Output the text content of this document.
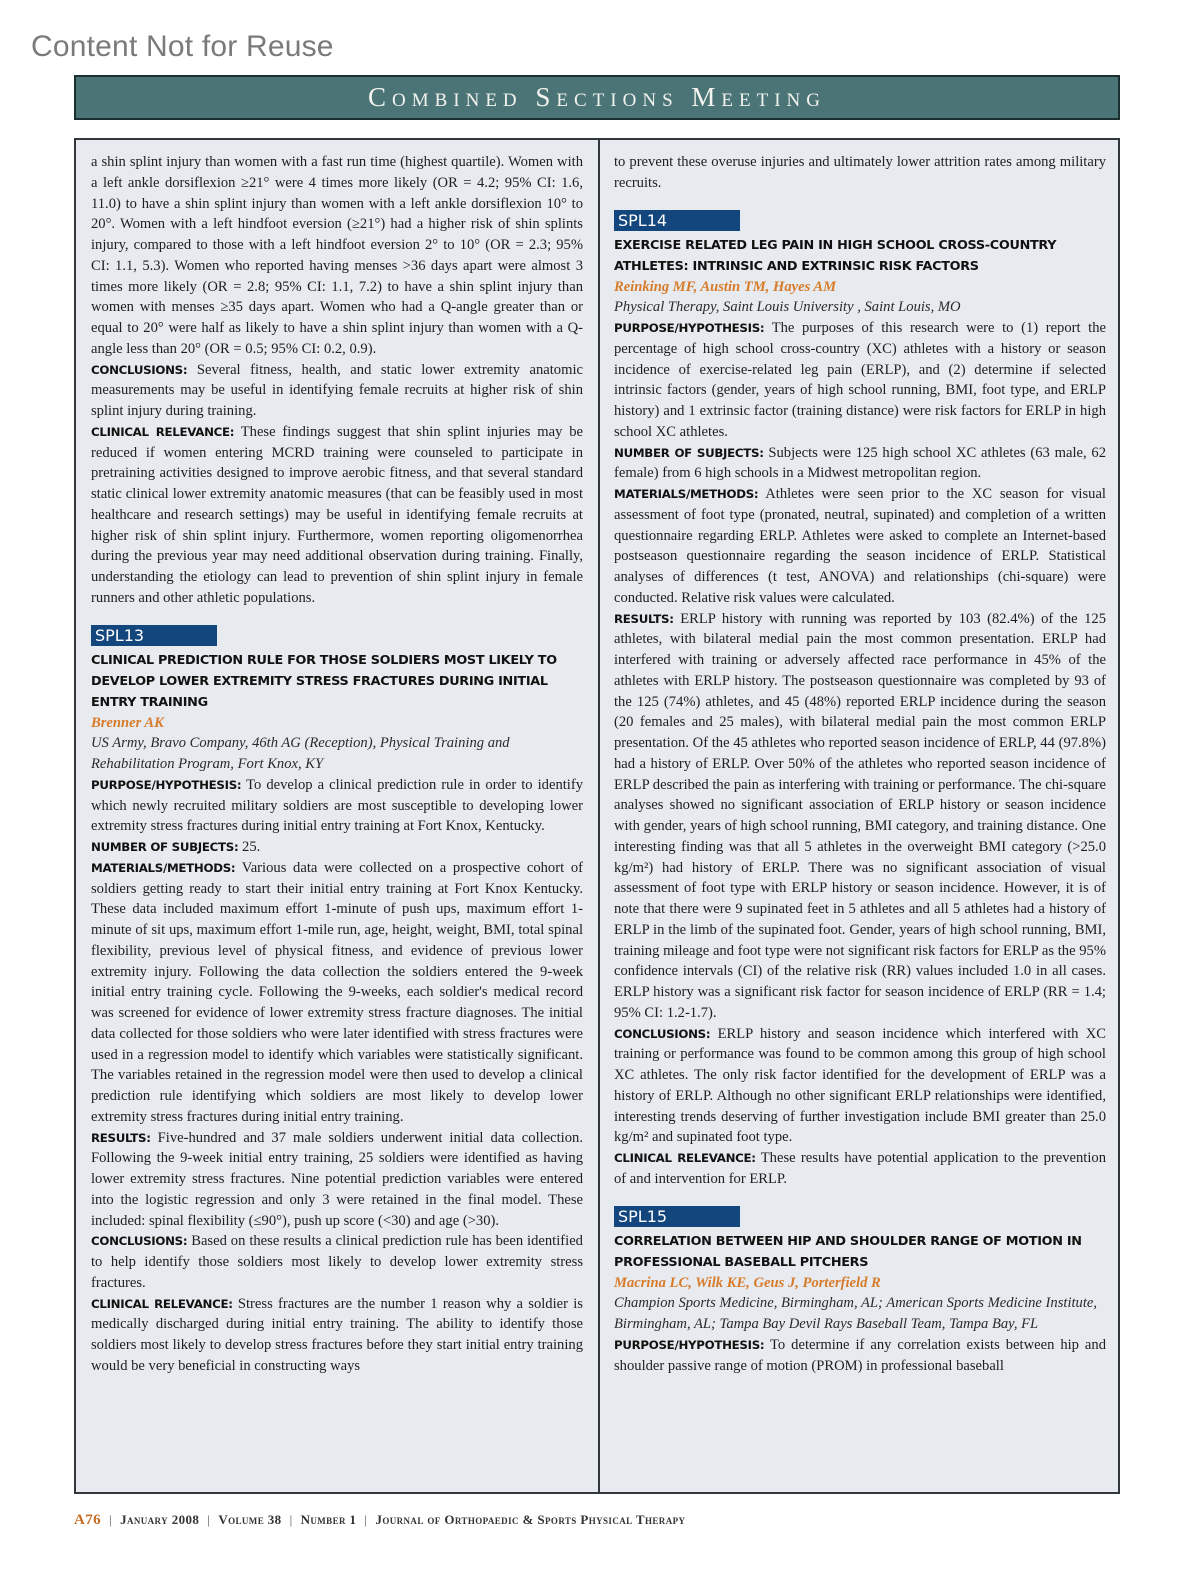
Content Not for Reuse
Combined Sections Meeting

a shin splint injury than women with a fast run time (highest quartile). Women with a left ankle dorsiflexion ≥21° were 4 times more likely (OR = 4.2; 95% CI: 1.6, 11.0) to have a shin splint injury than women with a left ankle dorsiflexion 10° to 20°. Women with a left hindfoot eversion (≥21°) had a higher risk of shin splints injury, compared to those with a left hindfoot eversion 2° to 10° (OR = 2.3; 95% CI: 1.1, 5.3). Women who reported having menses >36 days apart were almost 3 times more likely (OR = 2.8; 95% CI: 1.1, 7.2) to have a shin splint injury than women with menses ≥35 days apart. Women who had a Q-angle greater than or equal to 20° were half as likely to have a shin splint injury than women with a Q-angle less than 20° (OR = 0.5; 95% CI: 0.2, 0.9).

CONCLUSIONS: Several fitness, health, and static lower extremity anatomic measurements may be useful in identifying female recruits at higher risk of shin splint injury during training.

CLINICAL RELEVANCE: These findings suggest that shin splint injuries may be reduced if women entering MCRD training were counseled to participate in pretraining activities designed to improve aerobic fitness, and that several standard static clinical lower extremity anatomic measures (that can be feasibly used in most healthcare and research settings) may be useful in identifying female recruits at higher risk of shin splint injury. Furthermore, women reporting oligomenorrhea during the previous year may need additional observation during training. Finally, understanding the etiology can lead to prevention of shin splint injury in female runners and other athletic populations.

SPL13

CLINICAL PREDICTION RULE FOR THOSE SOLDIERS MOST LIKELY TO DEVELOP LOWER EXTREMITY STRESS FRACTURES DURING INITIAL ENTRY TRAINING

Brenner AK

US Army, Bravo Company, 46th AG (Reception), Physical Training and Rehabilitation Program, Fort Knox, KY

PURPOSE/HYPOTHESIS: To develop a clinical prediction rule in order to identify which newly recruited military soldiers are most susceptible to developing lower extremity stress fractures during initial entry training at Fort Knox, Kentucky.

NUMBER OF SUBJECTS: 25.

MATERIALS/METHODS: Various data were collected on a prospective cohort of soldiers getting ready to start their initial entry training at Fort Knox Kentucky. These data included maximum effort 1-minute of push ups, maximum effort 1-minute of sit ups, maximum effort 1-mile run, age, height, weight, BMI, total spinal flexibility, previous level of physical fitness, and evidence of previous lower extremity injury. Following the data collection the soldiers entered the 9-week initial entry training cycle. Following the 9-weeks, each soldier's medical record was screened for evidence of lower extremity stress fracture diagnoses. The initial data collected for those soldiers who were later identified with stress fractures were used in a regression model to identify which variables were statistically significant. The variables retained in the regression model were then used to develop a clinical prediction rule identifying which soldiers are most likely to develop lower extremity stress fractures during initial entry training.

RESULTS: Five-hundred and 37 male soldiers underwent initial data collection. Following the 9-week initial entry training, 25 soldiers were identified as having lower extremity stress fractures. Nine potential prediction variables were entered into the logistic regression and only 3 were retained in the final model. These included: spinal flexibility (≤90°), push up score (<30) and age (>30).

CONCLUSIONS: Based on these results a clinical prediction rule has been identified to help identify those soldiers most likely to develop lower extremity stress fractures.

CLINICAL RELEVANCE: Stress fractures are the number 1 reason why a soldier is medically discharged during initial entry training. The ability to identify those soldiers most likely to develop stress fractures before they start initial entry training would be very beneficial in constructing ways

to prevent these overuse injuries and ultimately lower attrition rates among military recruits.

SPL14

EXERCISE RELATED LEG PAIN IN HIGH SCHOOL CROSS-COUNTRY ATHLETES: INTRINSIC AND EXTRINSIC RISK FACTORS

Reinking MF, Austin TM, Hayes AM

Physical Therapy, Saint Louis University , Saint Louis, MO

PURPOSE/HYPOTHESIS: The purposes of this research were to (1) report the percentage of high school cross-country (XC) athletes with a history or season incidence of exercise-related leg pain (ERLP), and (2) determine if selected intrinsic factors (gender, years of high school running, BMI, foot type, and ERLP history) and 1 extrinsic factor (training distance) were risk factors for ERLP in high school XC athletes.

NUMBER OF SUBJECTS: Subjects were 125 high school XC athletes (63 male, 62 female) from 6 high schools in a Midwest metropolitan region.

MATERIALS/METHODS: Athletes were seen prior to the XC season for visual assessment of foot type (pronated, neutral, supinated) and completion of a written questionnaire regarding ERLP. Athletes were asked to complete an Internet-based postseason questionnaire regarding the season incidence of ERLP. Statistical analyses of differences (t test, ANOVA) and relationships (chi-square) were conducted. Relative risk values were calculated.

RESULTS: ERLP history with running was reported by 103 (82.4%) of the 125 athletes, with bilateral medial pain the most common presentation. ERLP had interfered with training or adversely affected race performance in 45% of the athletes with ERLP history. The postseason questionnaire was completed by 93 of the 125 (74%) athletes, and 45 (48%) reported ERLP incidence during the season (20 females and 25 males), with bilateral medial pain the most common ERLP presentation. Of the 45 athletes who reported season incidence of ERLP, 44 (97.8%) had a history of ERLP. Over 50% of the athletes who reported season incidence of ERLP described the pain as interfering with training or performance. The chi-square analyses showed no significant association of ERLP history or season incidence with gender, years of high school running, BMI category, and training distance. One interesting finding was that all 5 athletes in the overweight BMI category (>25.0 kg/m²) had history of ERLP. There was no significant association of visual assessment of foot type with ERLP history or season incidence. However, it is of note that there were 9 supinated feet in 5 athletes and all 5 athletes had a history of ERLP in the limb of the supinated foot. Gender, years of high school running, BMI, training mileage and foot type were not significant risk factors for ERLP as the 95% confidence intervals (CI) of the relative risk (RR) values included 1.0 in all cases. ERLP history was a significant risk factor for season incidence of ERLP (RR = 1.4; 95% CI: 1.2-1.7).

CONCLUSIONS: ERLP history and season incidence which interfered with XC training or performance was found to be common among this group of high school XC athletes. The only risk factor identified for the development of ERLP was a history of ERLP. Although no other significant ERLP relationships were identified, interesting trends deserving of further investigation include BMI greater than 25.0 kg/m² and supinated foot type.

CLINICAL RELEVANCE: These results have potential application to the prevention of and intervention for ERLP.

SPL15

CORRELATION BETWEEN HIP AND SHOULDER RANGE OF MOTION IN PROFESSIONAL BASEBALL PITCHERS

Macrina LC, Wilk KE, Geus J, Porterfield R

Champion Sports Medicine, Birmingham, AL; American Sports Medicine Institute, Birmingham, AL; Tampa Bay Devil Rays Baseball Team, Tampa Bay, FL

PURPOSE/HYPOTHESIS: To determine if any correlation exists between hip and shoulder passive range of motion (PROM) in professional baseball

A76 | January 2008 | Volume 38 | Number 1 | Journal of Orthopaedic & Sports Physical Therapy
